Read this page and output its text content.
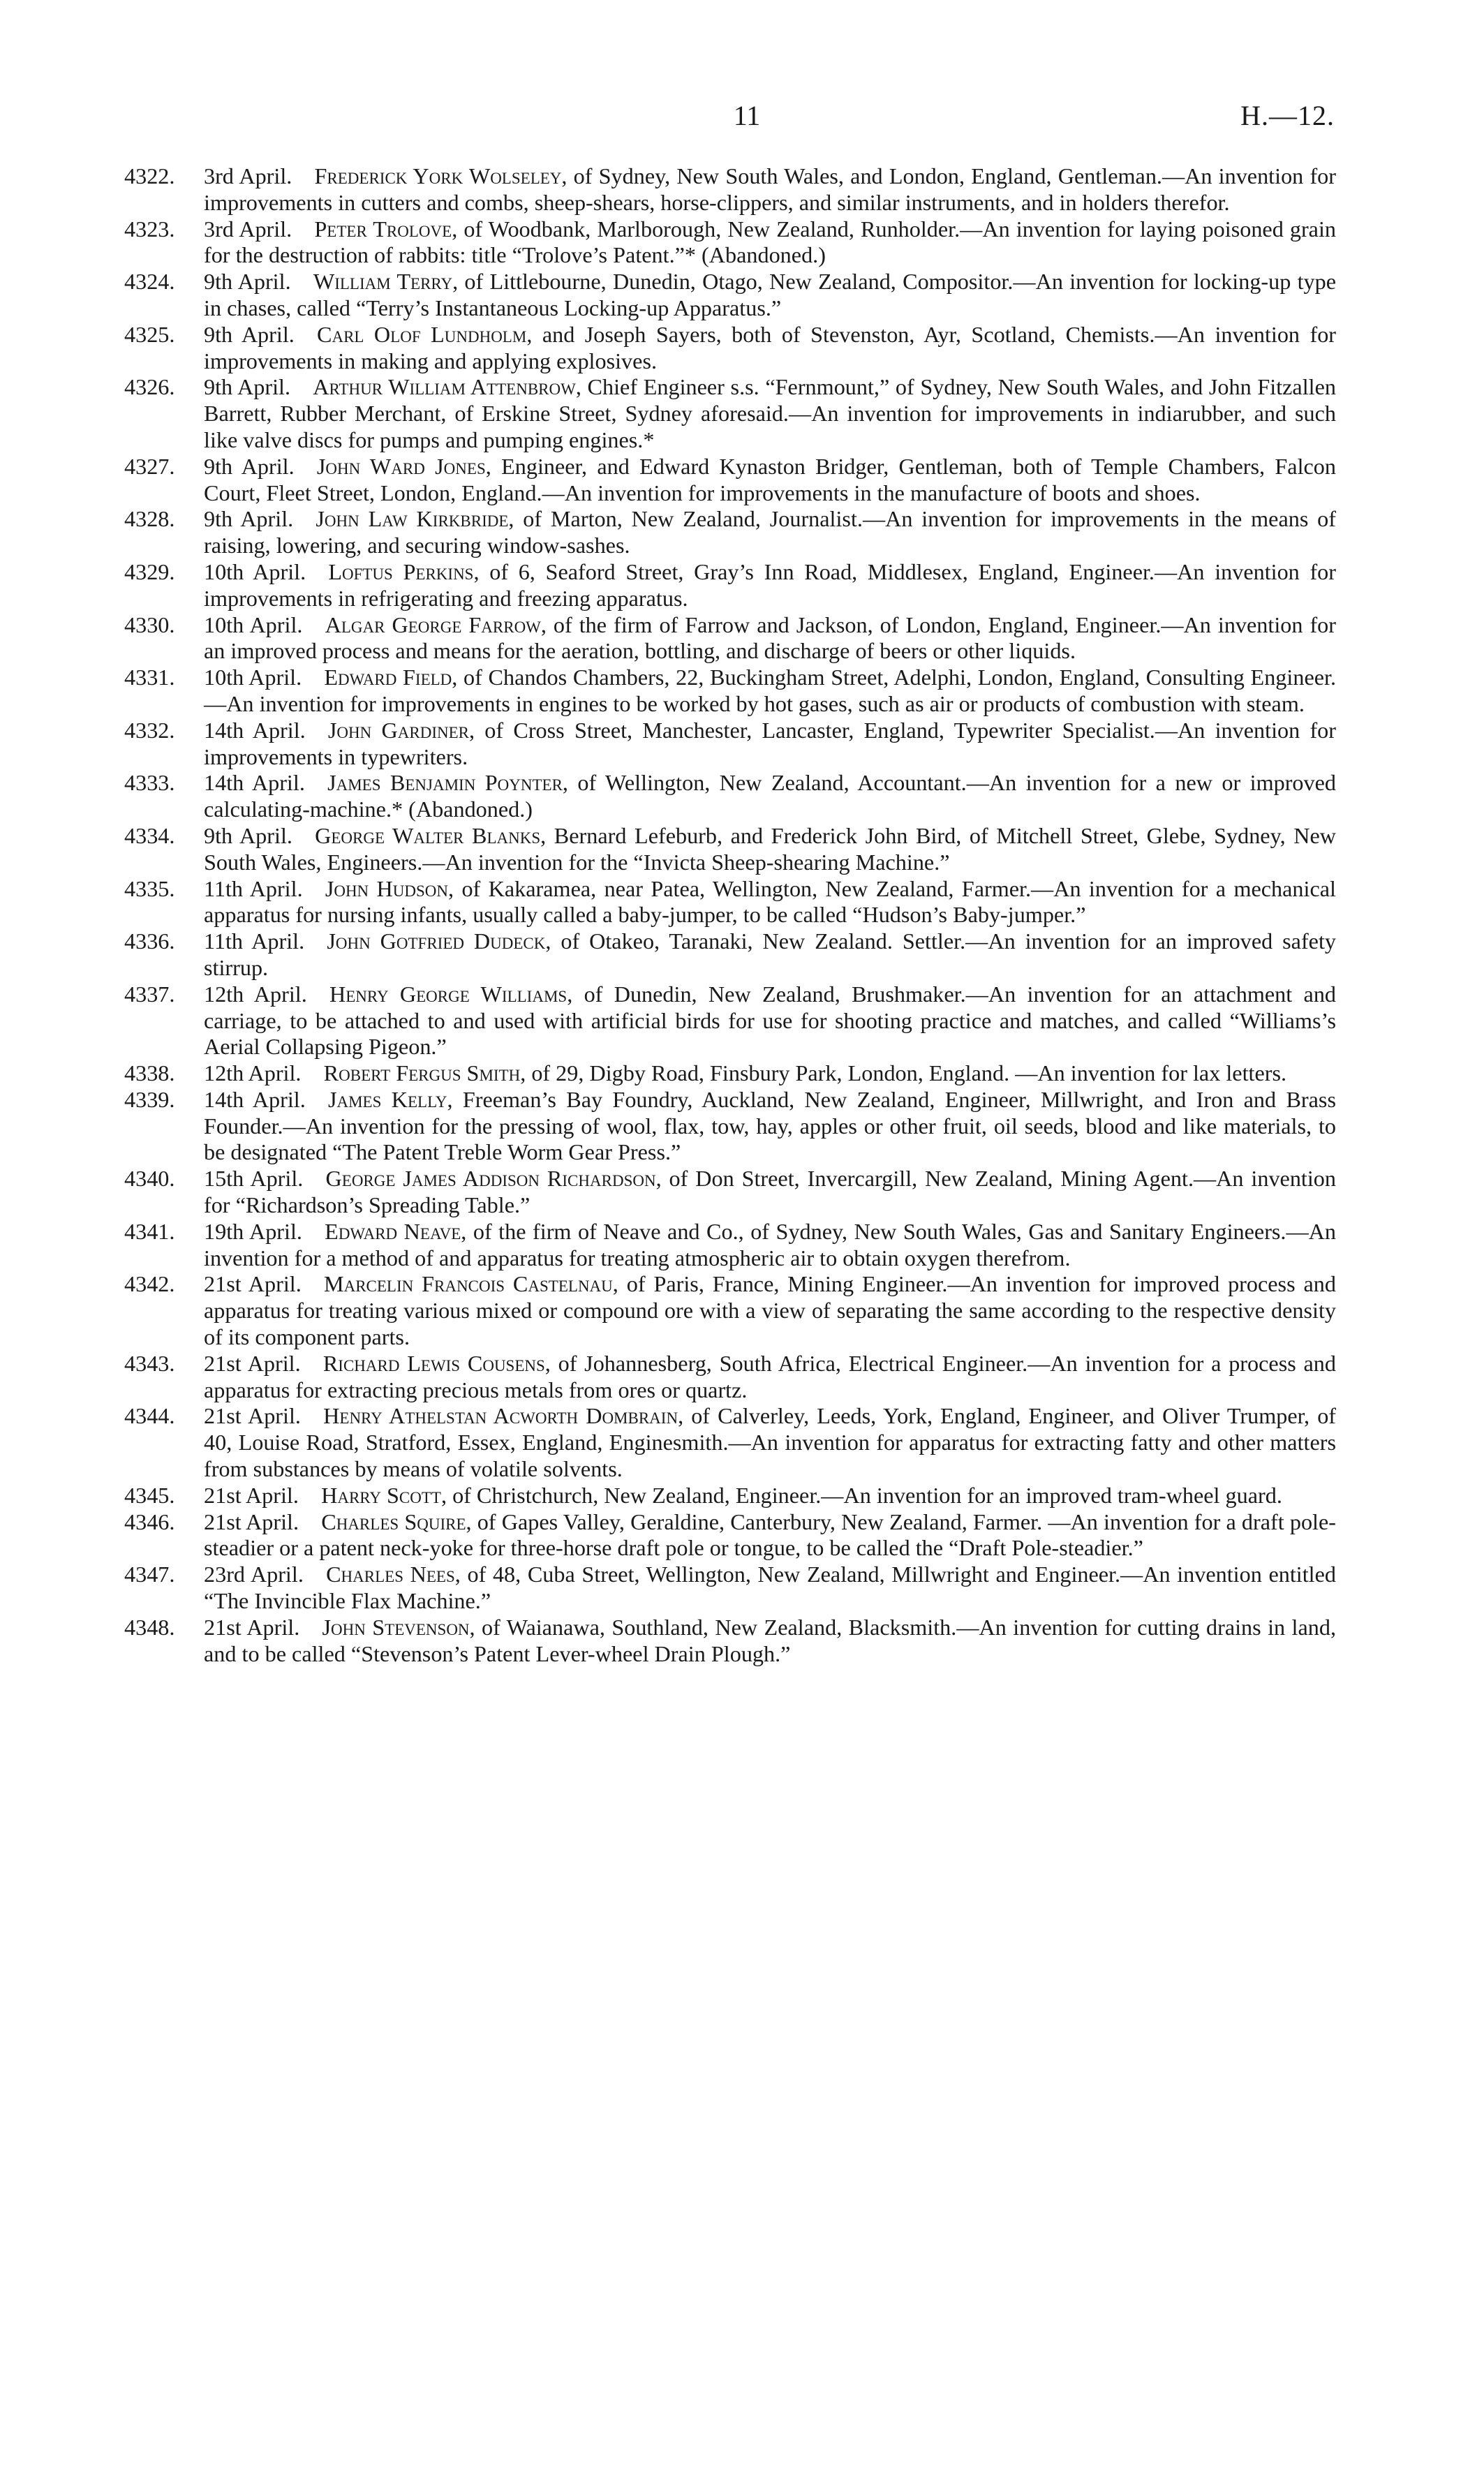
11	H.—12.
4322. 3rd April.  Frederick York Wolseley, of Sydney, New South Wales, and London, England, Gentleman.—An invention for improvements in cutters and combs, sheep-shears, horse-clippers, and similar instruments, and in holders therefor.
4323. 3rd April.  Peter Trolove, of Woodbank, Marlborough, New Zealand, Runholder.—An invention for laying poisoned grain for the destruction of rabbits: title “Trolove’s Patent.”* (Abandoned.)
4324. 9th April.  William Terry, of Littlebourne, Dunedin, Otago, New Zealand, Compositor.—An invention for locking-up type in chases, called “Terry’s Instantaneous Locking-up Apparatus.”
4325. 9th April.  Carl Olof Lundholm, and Joseph Sayers, both of Stevenston, Ayr, Scotland, Chemists.—An invention for improvements in making and applying explosives.
4326. 9th April.  Arthur William Attenbrow, Chief Engineer s.s. “Fernmount,” of Sydney, New South Wales, and John Fitzallen Barrett, Rubber Merchant, of Erskine Street, Sydney aforesaid.—An invention for improvements in indiarubber, and such like valve discs for pumps and pumping engines.*
4327. 9th April.  John Ward Jones, Engineer, and Edward Kynaston Bridger, Gentleman, both of Temple Chambers, Falcon Court, Fleet Street, London, England.—An invention for improvements in the manufacture of boots and shoes.
4328. 9th April.  John Law Kirkbride, of Marton, New Zealand, Journalist.—An invention for improvements in the means of raising, lowering, and securing window-sashes.
4329. 10th April.  Loftus Perkins, of 6, Seaford Street, Gray’s Inn Road, Middlesex, England, Engineer.—An invention for improvements in refrigerating and freezing apparatus.
4330. 10th April.  Algar George Farrow, of the firm of Farrow and Jackson, of London, England, Engineer.—An invention for an improved process and means for the aeration, bottling, and discharge of beers or other liquids.
4331. 10th April.  Edward Field, of Chandos Chambers, 22, Buckingham Street, Adelphi, London, England, Consulting Engineer.—An invention for improvements in engines to be worked by hot gases, such as air or products of combustion with steam.
4332. 14th April.  John Gardiner, of Cross Street, Manchester, Lancaster, England, Typewriter Specialist.—An invention for improvements in typewriters.
4333. 14th April.  James Benjamin Poynter, of Wellington, New Zealand, Accountant.—An invention for a new or improved calculating-machine.* (Abandoned.)
4334. 9th April.  George Walter Blanks, Bernard Lefeburb, and Frederick John Bird, of Mitchell Street, Glebe, Sydney, New South Wales, Engineers.—An invention for the “Invicta Sheep-shearing Machine.”
4335. 11th April.  John Hudson, of Kakaramea, near Patea, Wellington, New Zealand, Farmer.—An invention for a mechanical apparatus for nursing infants, usually called a baby-jumper, to be called “Hudson’s Baby-jumper.”
4336. 11th April.  John Gotfried Dudeck, of Otakeo, Taranaki, New Zealand. Settler.—An invention for an improved safety stirrup.
4337. 12th April.  Henry George Williams, of Dunedin, New Zealand, Brushmaker.—An invention for an attachment and carriage, to be attached to and used with artificial birds for use for shooting practice and matches, and called “Williams’s Aerial Collapsing Pigeon.”
4338. 12th April.  Robert Fergus Smith, of 29, Digby Road, Finsbury Park, London, England. —An invention for lax letters.
4339. 14th April.  James Kelly, Freeman’s Bay Foundry, Auckland, New Zealand, Engineer, Millwright, and Iron and Brass Founder.—An invention for the pressing of wool, flax, tow, hay, apples or other fruit, oil seeds, blood and like materials, to be designated “The Patent Treble Worm Gear Press.”
4340. 15th April.  George James Addison Richardson, of Don Street, Invercargill, New Zealand, Mining Agent.—An invention for “Richardson’s Spreading Table.”
4341. 19th April.  Edward Neave, of the firm of Neave and Co., of Sydney, New South Wales, Gas and Sanitary Engineers.—An invention for a method of and apparatus for treating atmospheric air to obtain oxygen therefrom.
4342. 21st April.  Marcelin Francois Castelnau, of Paris, France, Mining Engineer.—An invention for improved process and apparatus for treating various mixed or compound ore with a view of separating the same according to the respective density of its component parts.
4343. 21st April.  Richard Lewis Cousens, of Johannesberg, South Africa, Electrical Engineer.—An invention for a process and apparatus for extracting precious metals from ores or quartz.
4344. 21st April.  Henry Athelstan Acworth Dombrain, of Calverley, Leeds, York, England, Engineer, and Oliver Trumper, of 40, Louise Road, Stratford, Essex, England, Enginesmith.—An invention for apparatus for extracting fatty and other matters from substances by means of volatile solvents.
4345. 21st April.  Harry Scott, of Christchurch, New Zealand, Engineer.—An invention for an improved tram-wheel guard.
4346. 21st April.  Charles Squire, of Gapes Valley, Geraldine, Canterbury, New Zealand, Farmer. —An invention for a draft pole-steadier or a patent neck-yoke for three-horse draft pole or tongue, to be called the “Draft Pole-steadier.”
4347. 23rd April.  Charles Nees, of 48, Cuba Street, Wellington, New Zealand, Millwright and Engineer.—An invention entitled “The Invincible Flax Machine.”
4348. 21st April.  John Stevenson, of Waianawa, Southland, New Zealand, Blacksmith.—An invention for cutting drains in land, and to be called “Stevenson’s Patent Lever-wheel Drain Plough.”
